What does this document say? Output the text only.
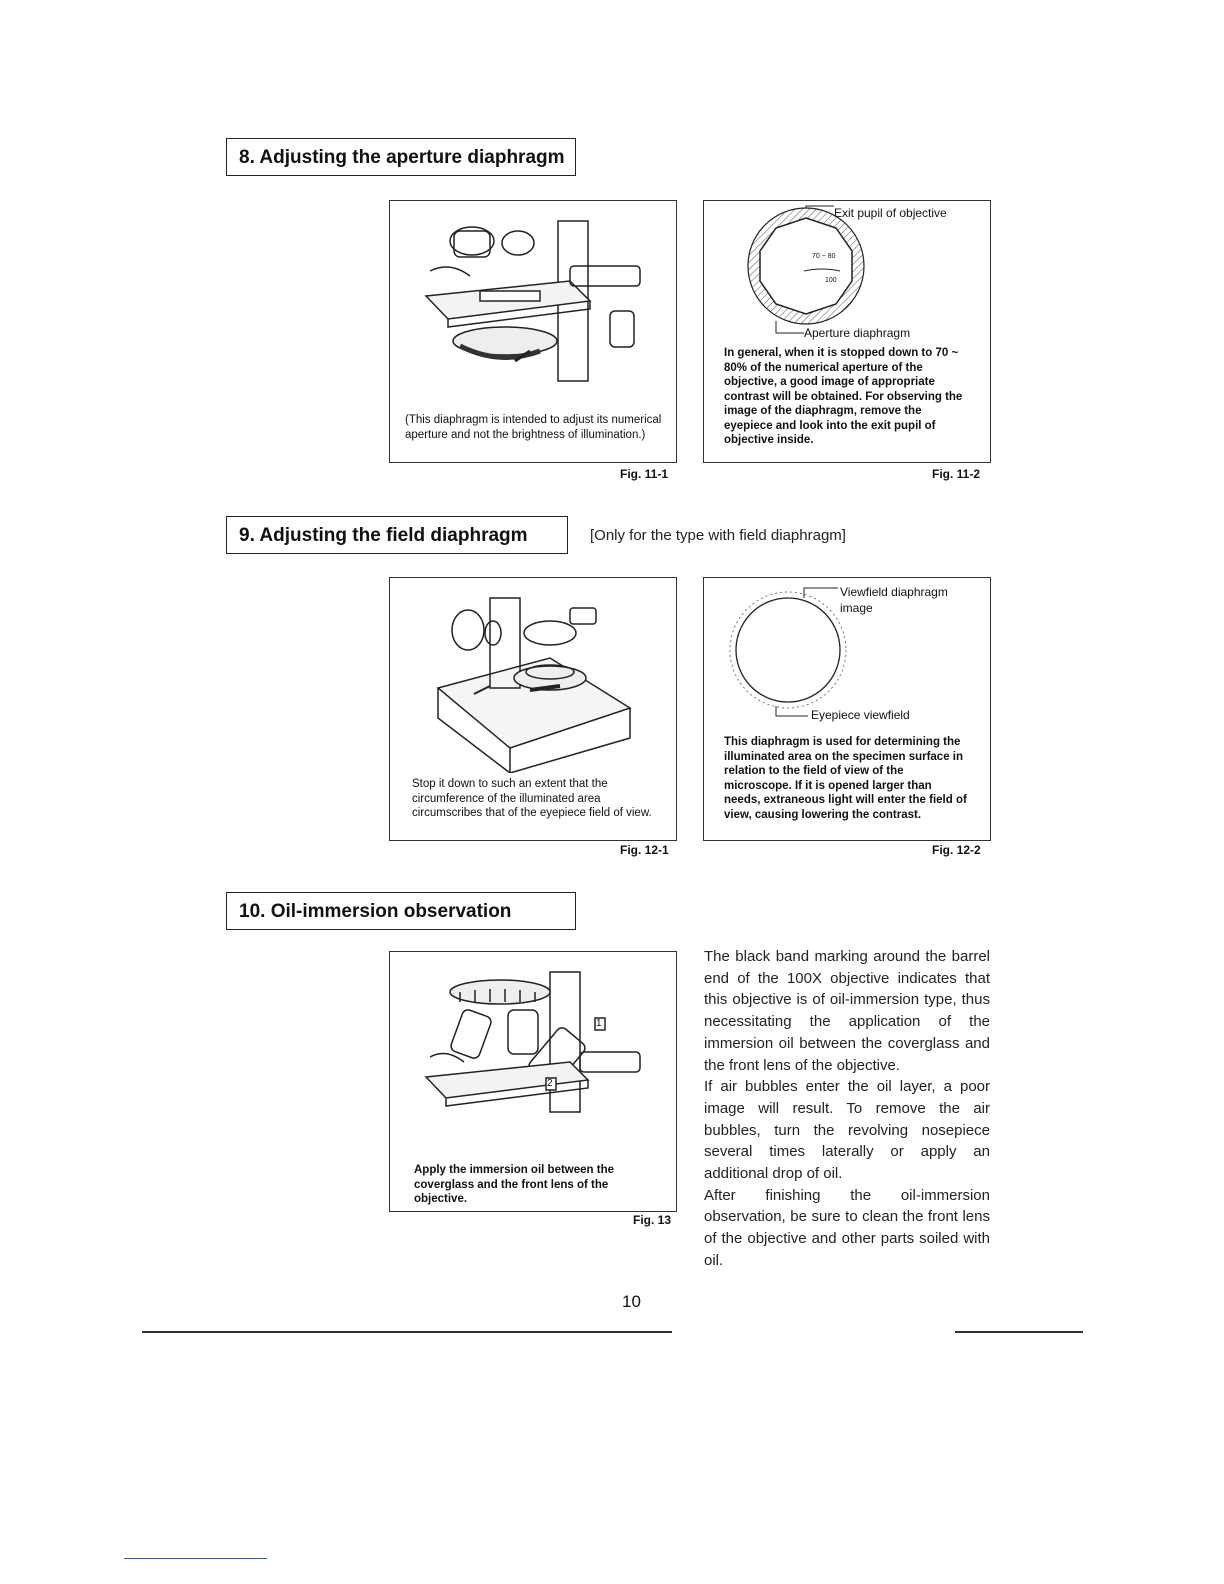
8. Adjusting the aperture diaphragm
(This diaphragm is intended to adjust its numerical aperture and not the brightness of illumination.)
Fig. 11-1
Exit pupil of objective
70 ~ 80
100
Aperture diaphragm
In general, when it is stopped down to 70 ~ 80% of the numerical aperture of the objective, a good image of appropriate contrast will be obtained. For observing the image of the diaphragm, remove the eyepiece and look into the exit pupil of objective inside.
Fig. 11-2
9. Adjusting the field diaphragm	[Only for the type with field diaphragm]
Stop it down to such an extent that the circumference of the illuminated area circumscribes that of the eyepiece field of view.
Fig. 12-1
Viewfield diaphragm image
Eyepiece viewfield
This diaphragm is used for determining the illuminated area on the specimen surface in relation to the field of view of the microscope. If it is opened larger than needs, extraneous light will enter the field of view, causing lowering the contrast.
Fig. 12-2
10. Oil-immersion observation
1
2
Apply the immersion oil between the coverglass and the front lens of the objective.
Fig. 13

The black band marking around the barrel end of the 100X objective indicates that this objective is of oil-immersion type, thus necessitating the application of the immersion oil between the coverglass and the front lens of the objective.

If air bubbles enter the oil layer, a poor image will result. To remove the air bubbles, turn the revolving nosepiece several times laterally or apply an additional drop of oil.

After finishing the oil-immersion observation, be sure to clean the front lens of the objective and other parts soiled with oil.

10
